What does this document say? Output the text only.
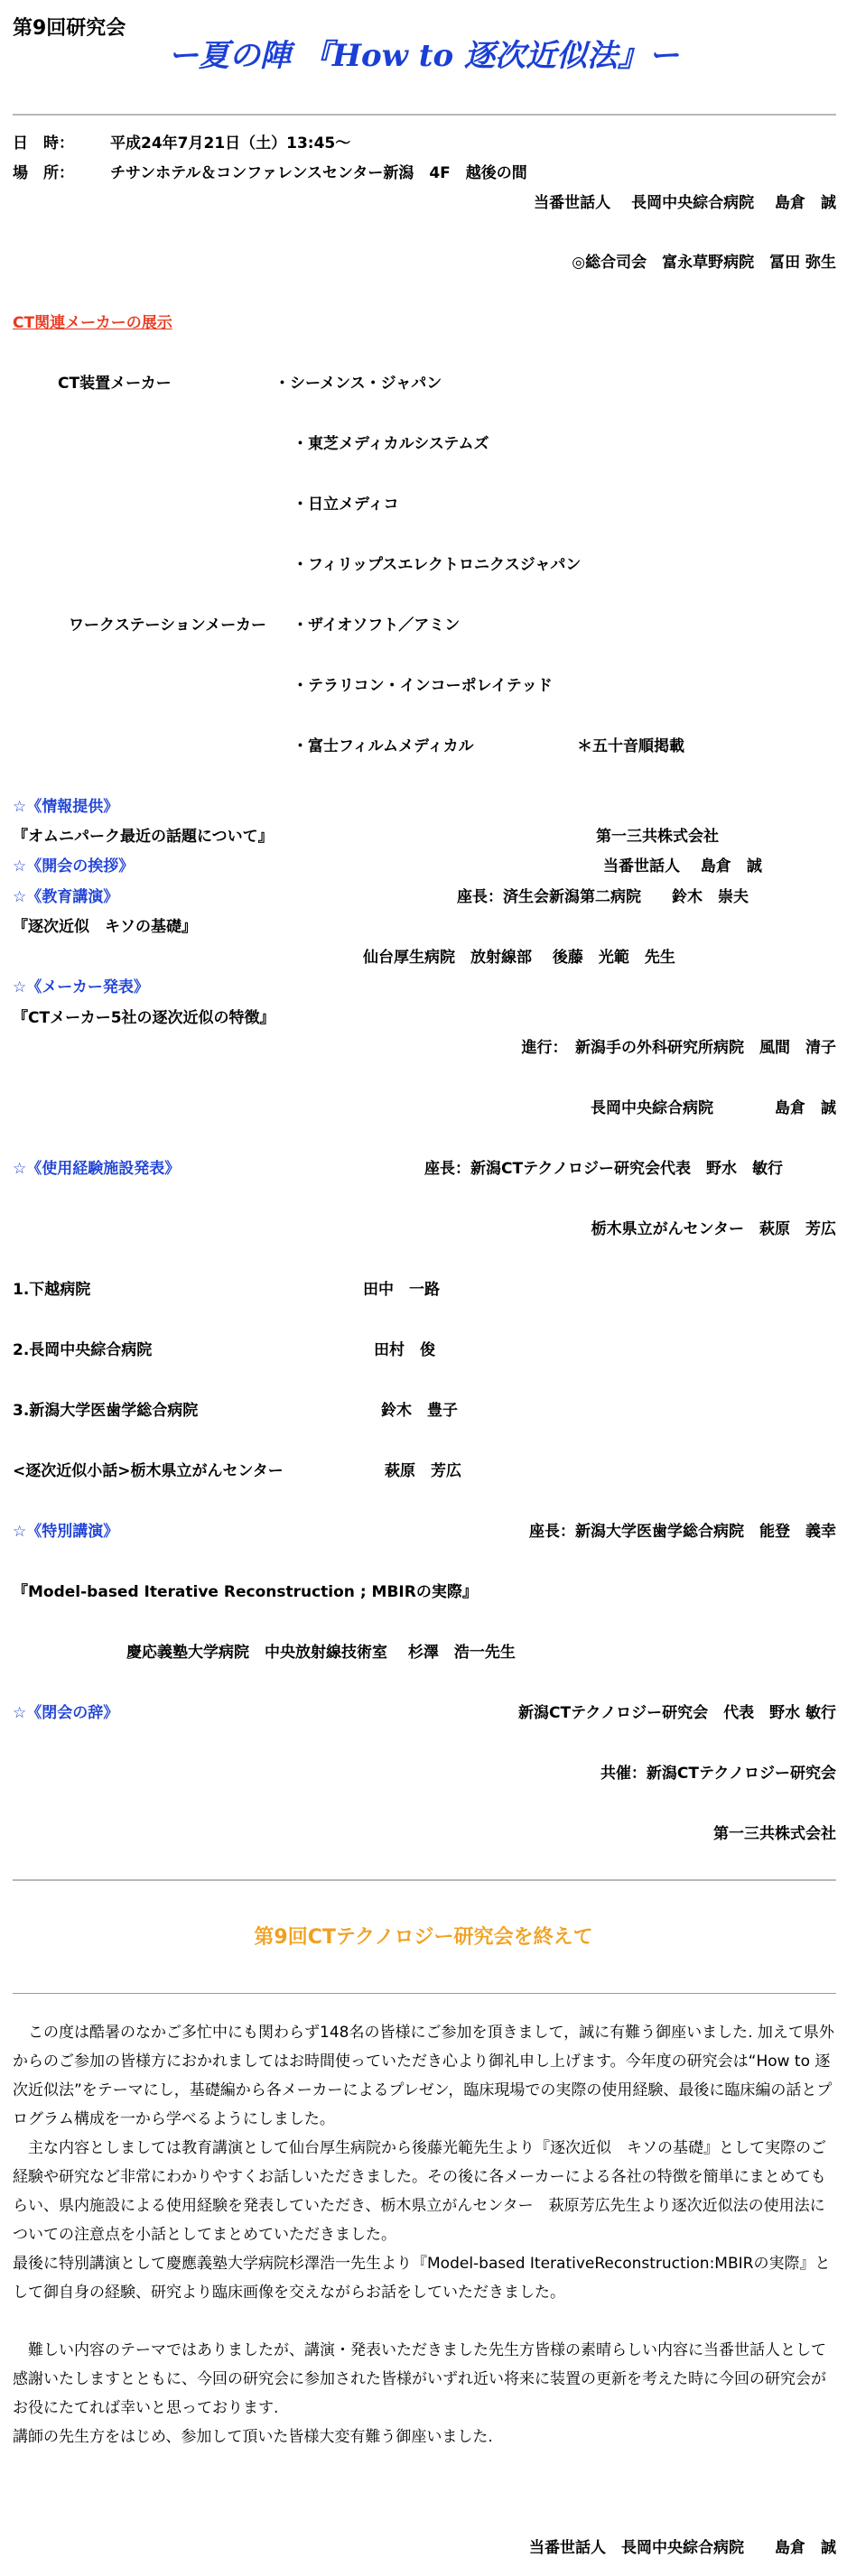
第9回研究会
ー夏の陣 『How to 逐次近似法』ー
日　時： 平成24年7月21日（土）13:45〜
場　所： チサンホテル＆コンファレンスセンター新潟　4F　越後の間
当番世話人　 長岡中央綜合病院　 島倉　誠
◎総合司会　富永草野病院　冨田 弥生
CT関連メーカーの展示
CT装置メーカー	・シーメンス・ジャパン
・東芝メディカルシステムズ
・日立メディコ
・フィリップスエレクトロニクスジャパン
ワークステーションメーカー ・ザイオソフト／アミン
・テラリコン・インコーポレイテッド
・富士フィルムメディカル	＊五十音順掲載
☆《情報提供》
『オムニパーク最近の話題について』	第一三共株式会社
☆《開会の挨拶》	当番世話人　 島倉　誠
☆《教育講演》	座長：済生会新潟第二病院　　鈴木　崇夫
『逐次近似　キソの基礎』
仙台厚生病院　放射線部　 後藤　光範　先生
☆《メーカー発表》
『CTメーカー5社の逐次近似の特徴』
進行：　新潟手の外科研究所病院　風間　清子
長岡中央綜合病院　　　　島倉　誠
☆《使用経験施設発表》	座長：新潟CTテクノロジー研究会代表　野水　敏行
栃木県立がんセンター　萩原　芳広
1.下越病院	田中　一路
2.長岡中央綜合病院	田村　俊
3.新潟大学医歯学総合病院	鈴木　豊子
<逐次近似小話>栃木県立がんセンター	萩原　芳広
☆《特別講演》	座長：新潟大学医歯学総合病院　能登　義幸
『Model-based Iterative Reconstruction ; MBIRの実際』
慶応義塾大学病院　中央放射線技術室　 杉澤　浩一先生
☆《閉会の辞》	新潟CTテクノロジー研究会　代表　野水 敏行
共催：新潟CTテクノロジー研究会
第一三共株式会社
第9回CTテクノロジー研究会を終えて

　この度は酷暑のなかご多忙中にも関わらず148名の皆様にご参加を頂きまして，誠に有難う御座いました. 加えて県外からのご参加の皆様方におかれましてはお時間使っていただき心より御礼申し上げます。今年度の研究会は“How to 逐次近似法”をテーマにし，基礎編から各メーカーによるプレゼン，臨床現場での実際の使用経験、最後に臨床編の話とプログラム構成を一から学べるようにしました。

　主な内容としましては教育講演として仙台厚生病院から後藤光範先生より『逐次近似　キソの基礎』として実際のご経験や研究など非常にわかりやすくお話しいただきました。その後に各メーカーによる各社の特徴を簡単にまとめてもらい、県内施設による使用経験を発表していただき、栃木県立がんセンター　萩原芳広先生より逐次近似法の使用法についての注意点を小話としてまとめていただきました。

最後に特別講演として慶應義塾大学病院杉澤浩一先生より『Model-based IterativeReconstruction:MBIRの実際』として御自身の経験、研究より臨床画像を交えながらお話をしていただきました。

　難しい内容のテーマではありましたが、講演・発表いただきました先生方皆様の素晴らしい内容に当番世話人として感謝いたしますとともに、今回の研究会に参加された皆様がいずれ近い将来に装置の更新を考えた時に今回の研究会がお役にたてれば幸いと思っております.

講師の先生方をはじめ、参加して頂いた皆様大変有難う御座いました.

当番世話人　長岡中央綜合病院　　島倉　誠
